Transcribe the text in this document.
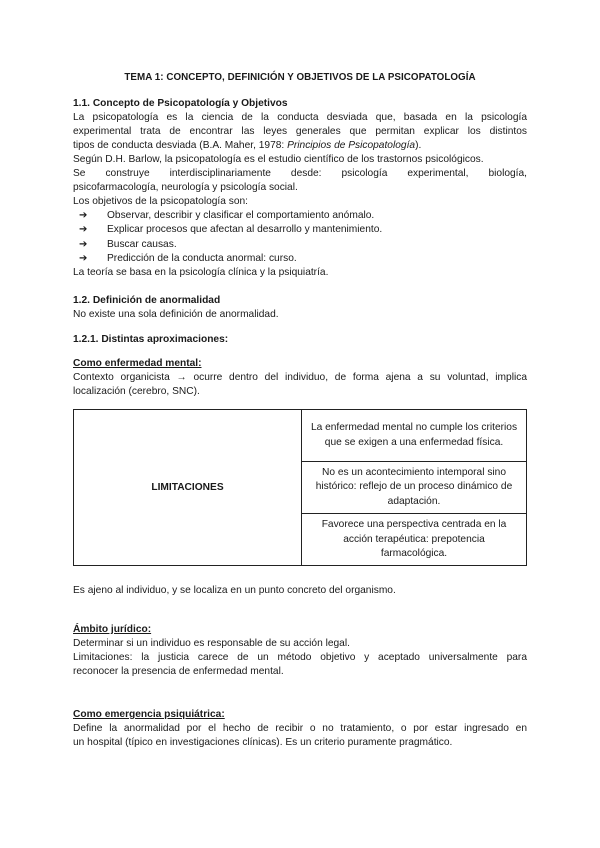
TEMA 1: CONCEPTO, DEFINICIÓN Y OBJETIVOS DE LA PSICOPATOLOGÍA
1.1. Concepto de Psicopatología y Objetivos
La psicopatología es la ciencia de la conducta desviada que, basada en la psicología
experimental trata de encontrar las leyes generales que permitan explicar los distintos
tipos de conducta desviada (B.A. Maher, 1978: Principios de Psicopatología).
Según D.H. Barlow, la psicopatología es el estudio científico de los trastornos psicológicos.
Se construye interdisciplinariamente desde: psicología experimental, biología,
psicofarmacología, neurología y psicología social.
Los objetivos de la psicopatología son:
➔ Observar, describir y clasificar el comportamiento anómalo.
➔ Explicar procesos que afectan al desarrollo y mantenimiento.
➔ Buscar causas.
➔ Predicción de la conducta anormal: curso.
La teoría se basa en la psicología clínica y la psiquiatría.
1.2. Definición de anormalidad
No existe una sola definición de anormalidad.
1.2.1. Distintas aproximaciones:
Como enfermedad mental:
Contexto organicista → ocurre dentro del individuo, de forma ajena a su voluntad, implica
localización (cerebro, SNC).
LIMITACIONES	La enfermedad mental no cumple los criterios que se exigen a una enfermedad física.
No es un acontecimiento intemporal sino histórico: reflejo de un proceso dinámico de adaptación.
Favorece una perspectiva centrada en la acción terapéutica: prepotencia farmacológica.
Es ajeno al individuo, y se localiza en un punto concreto del organismo.
Ámbito jurídico:
Determinar si un individuo es responsable de su acción legal.
Limitaciones: la justicia carece de un método objetivo y aceptado universalmente para
reconocer la presencia de enfermedad mental.
Como emergencia psiquiátrica:
Define la anormalidad por el hecho de recibir o no tratamiento, o por estar ingresado en
un hospital (típico en investigaciones clínicas). Es un criterio puramente pragmático.
